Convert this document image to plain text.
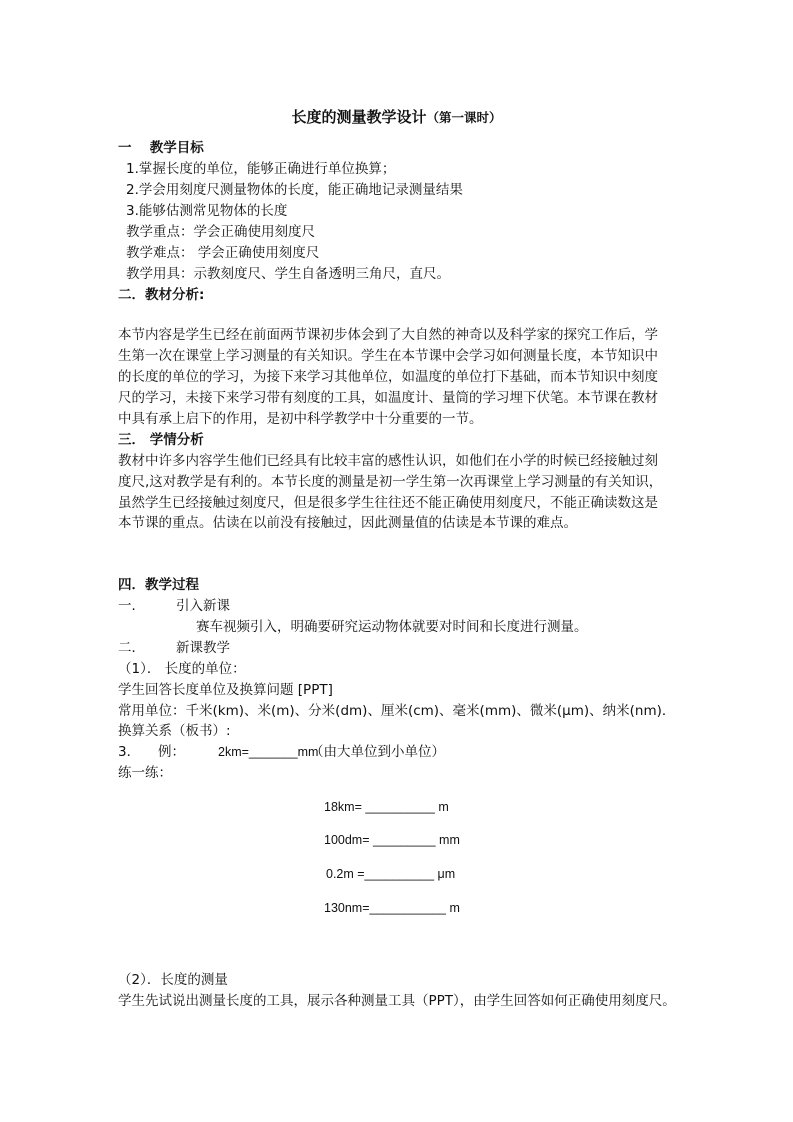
长度的测量教学设计（第一课时）
一　 教学目标
1.掌握长度的单位，能够正确进行单位换算；
2.学会用刻度尺测量物体的长度，能正确地记录测量结果
3.能够估测常见物体的长度
教学重点：学会正确使用刻度尺
教学难点： 学会正确使用刻度尺
教学用具：示教刻度尺、学生自备透明三角尺，直尺。
二．教材分析:
本节内容是学生已经在前面两节课初步体会到了大自然的神奇以及科学家的探究工作后，学
生第一次在课堂上学习测量的有关知识。学生在本节课中会学习如何测量长度，本节知识中
的长度的单位的学习，为接下来学习其他单位，如温度的单位打下基础，而本节知识中刻度
尺的学习，未接下来学习带有刻度的工具，如温度计、量筒的学习埋下伏笔。本节课在教材
中具有承上启下的作用，是初中科学教学中十分重要的一节。
三． 学情分析
教材中许多内容学生他们已经具有比较丰富的感性认识，如他们在小学的时候已经接触过刻
度尺,这对教学是有利的。本节长度的测量是初一学生第一次再课堂上学习测量的有关知识，
虽然学生已经接触过刻度尺，但是很多学生往往还不能正确使用刻度尺，不能正确读数这是
本节课的重点。估读在以前没有接触过，因此测量值的估读是本节课的难点。
四．教学过程
一． 引入新课
赛车视频引入，明确要研究运动物体就要对时间和长度进行测量。
二． 新课教学
（1）． 长度的单位：
学生回答长度单位及换算问题 [PPT]
常用单位：千米(km)、米(m)、分米(dm)、厘米(cm)、毫米(mm)、微米(μm)、纳米(nm)．
换算关系（板书）:
3． 例：	2km=_______mm
（由大单位到小单位）
练一练：
18km= __________ m
100dm= _________ mm
0.2m =__________ μm
130nm=___________ m
（2）．长度的测量
学生先试说出测量长度的工具，展示各种测量工具（PPT），由学生回答如何正确使用刻度尺。
